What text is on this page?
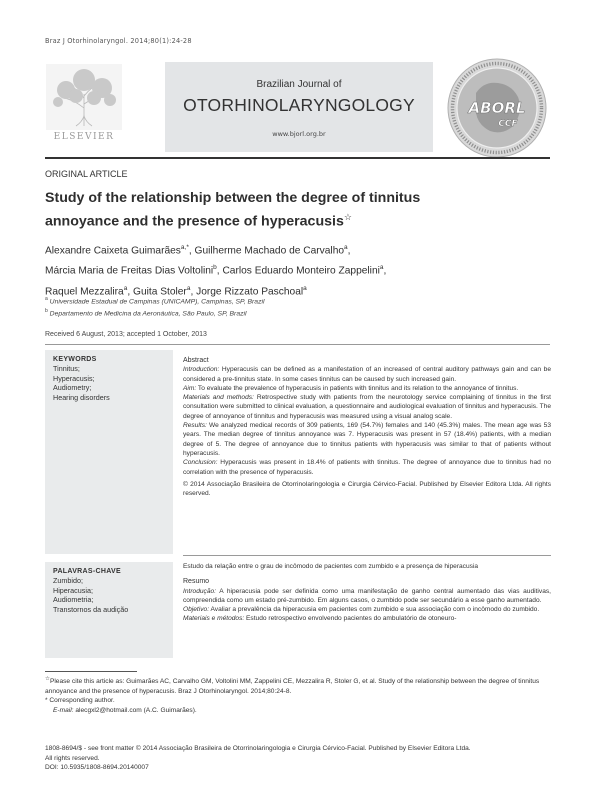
Braz J Otorhinolaryngol. 2014;80(1):24-28
ELSEVIER
Brazilian Journal of
OTORHINOLARYNGOLOGY
www.bjorl.org.br
ABORL
CCF
ORIGINAL ARTICLE
Study of the relationship between the degree of tinnitus
annoyance and the presence of hyperacusis☆
Alexandre Caixeta Guimarães$^{a,*}$, Guilherme Machado de Carvalho$^a$,
Márcia Maria de Freitas Dias Voltolini$^b$, Carlos Eduardo Monteiro Zappelini$^a$,
Raquel Mezzalira$^a$, Guita Stoler$^a$, Jorge Rizzato Paschoal$^a$
$^a$ Universidade Estadual de Campinas (UNICAMP), Campinas, SP, Brazil
$^b$ Departamento de Medicina da Aeronáutica, São Paulo, SP, Brazil
Received 6 August, 2013; accepted 1 October, 2013
KEYWORDS
Tinnitus;
Hyperacusis;
Audiometry;
Hearing disorders
PALAVRAS-CHAVE
Zumbido;
Hiperacusia;
Audiometria;
Transtornos da audição

Abstract

Introduction: Hyperacusis can be defined as a manifestation of an increased of central auditory pathways gain and can be considered a pre-tinnitus state. In some cases tinnitus can be caused by such increased gain.

Aim: To evaluate the prevalence of hyperacusis in patients with tinnitus and its relation to the annoyance of tinnitus.

Materials and methods: Retrospective study with patients from the neurotology service complaining of tinnitus in the first consultation were submitted to clinical evaluation, a questionnaire and audiological evaluation of tinnitus and hyperacusis. The degree of annoyance of tinnitus and hyperacusis was measured using a visual analog scale.

Results: We analyzed medical records of 309 patients, 169 (54.7%) females and 140 (45.3%) males. The mean age was 53 years. The median degree of tinnitus annoyance was 7. Hyperacusis was present in 57 (18.4%) patients, with a median degree of 5. The degree of annoyance due to tinnitus patients with hyperacusis was similar to that of patients without hyperacusis.

Conclusion: Hyperacusis was present in 18.4% of patients with tinnitus. The degree of annoyance due to tinnitus had no correlation with the presence of hyperacusis.

© 2014 Associação Brasileira de Otorrinolaringologia e Cirurgia Cérvico-Facial. Published by Elsevier Editora Ltda. All rights reserved.

Estudo da relação entre o grau de incômodo de pacientes com zumbido e a presença de hiperacusia

Resumo

Introdução: A hiperacusia pode ser definida como uma manifestação de ganho central aumentado das vias auditivas, compreendida como um estado pré-zumbido. Em alguns casos, o zumbido pode ser secundário a esse ganho aumentado.

Objetivo: Avaliar a prevalência da hiperacusia em pacientes com zumbido e sua associação com o incômodo do zumbido.

Materiais e métodos: Estudo retrospectivo envolvendo pacientes do ambulatório de otoneuro-

☆Please cite this article as: Guimarães AC, Carvalho GM, Voltolini MM, Zappelini CE, Mezzalira R, Stoler G, et al. Study of the relationship between the degree of tinnitus annoyance and the presence of hyperacusis. Braz J Otorhinolaryngol. 2014;80:24-8.

* Corresponding author.

E-mail: alecgxl2@hotmail.com (A.C. Guimarães).

1808-8694/$ - see front matter © 2014 Associação Brasileira de Otorrinolaringologia e Cirurgia Cérvico-Facial. Published by Elsevier Editora Ltda.

All rights reserved.

DOI: 10.5935/1808-8694.20140007
